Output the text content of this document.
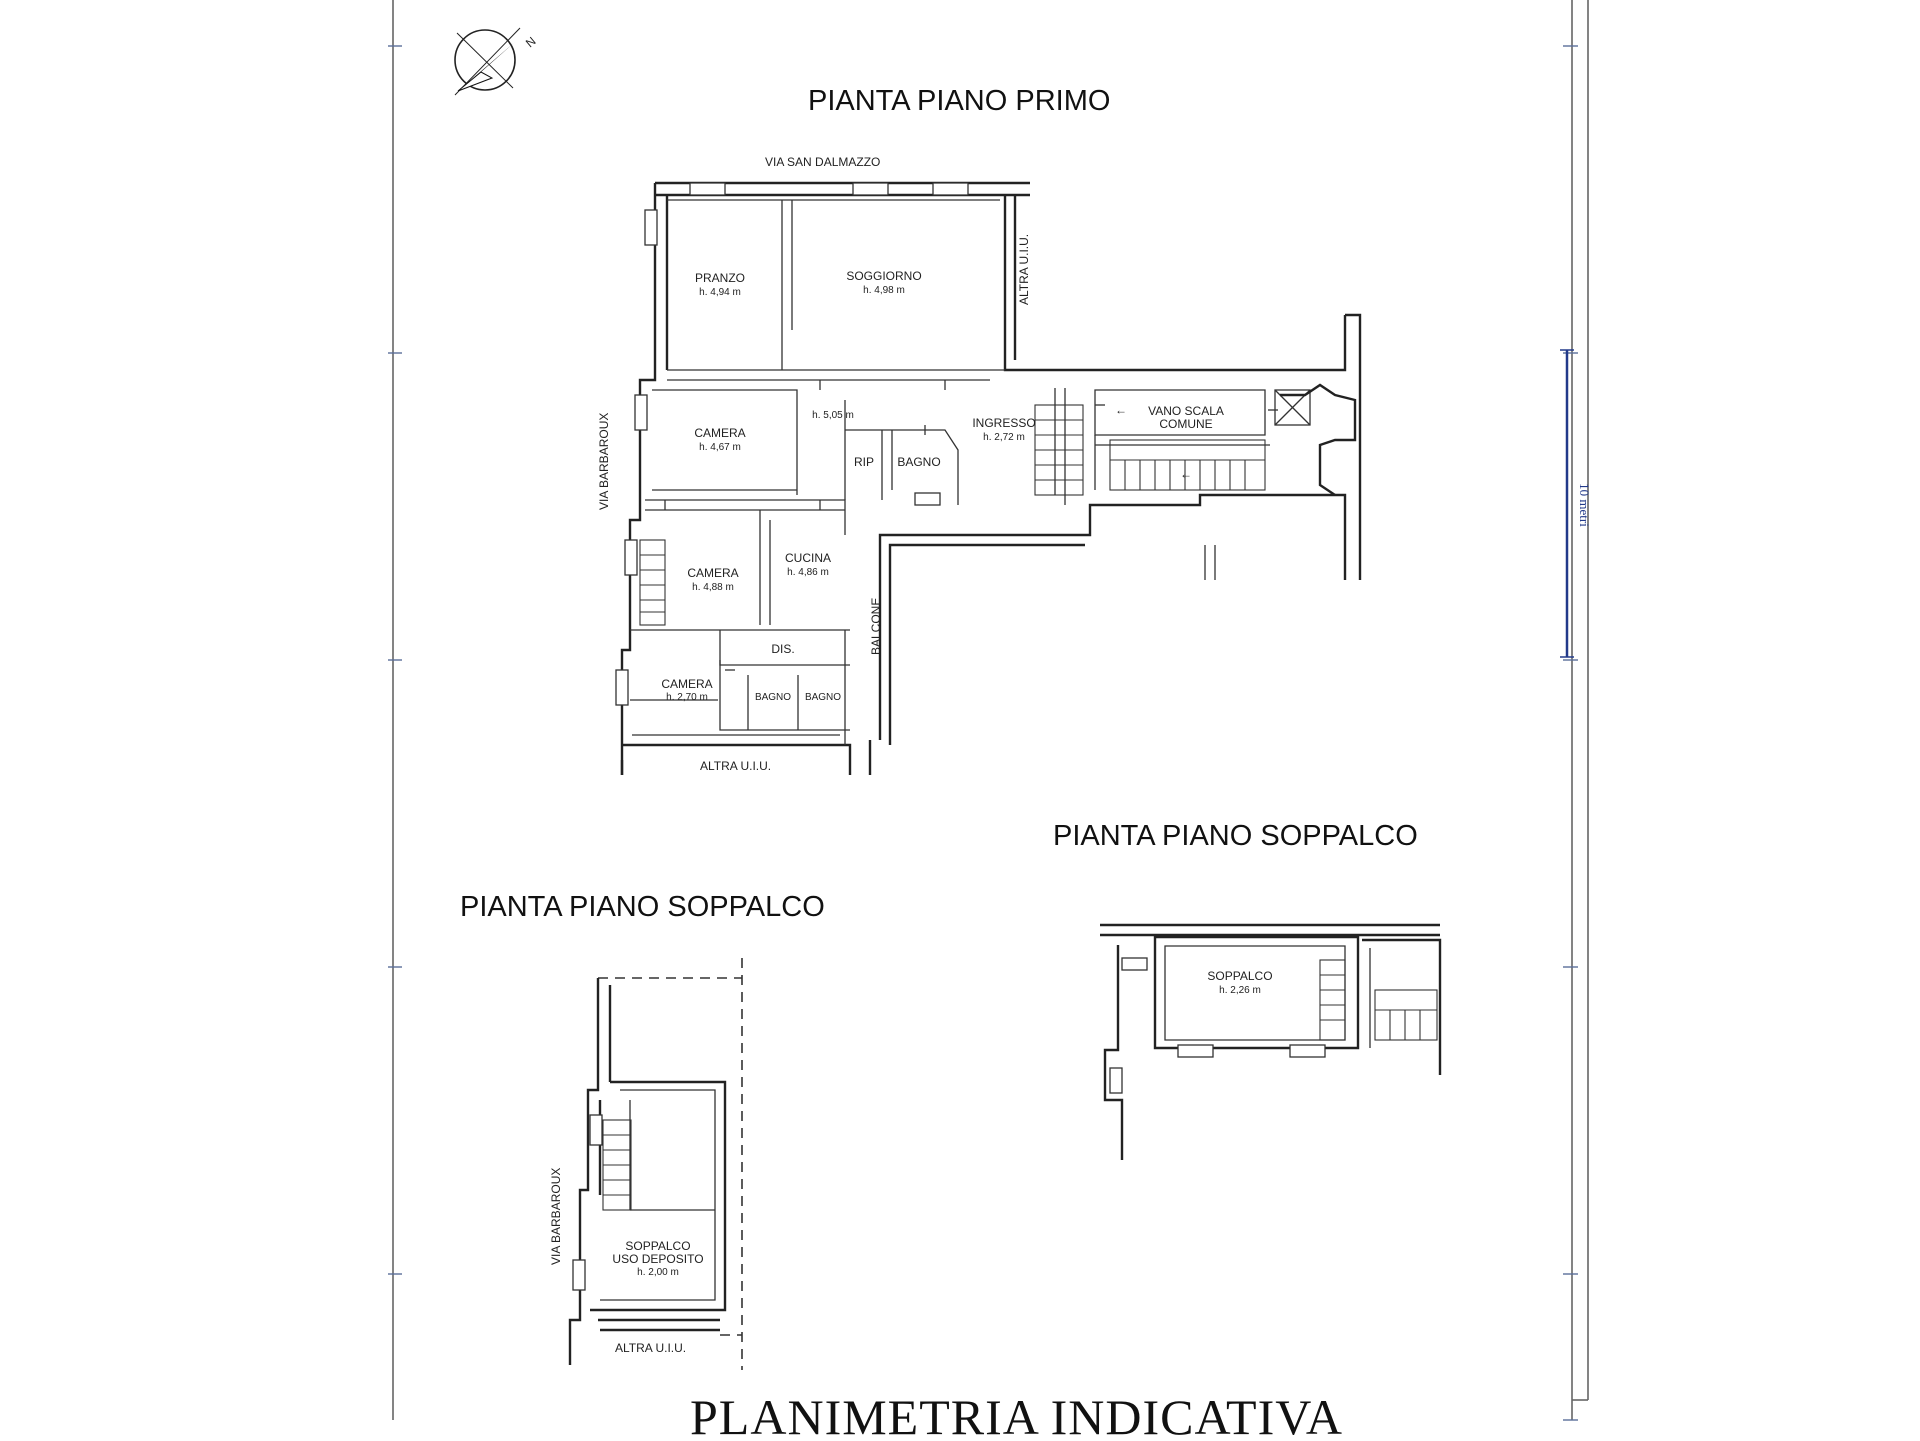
10 metri
N
PIANTA PIANO PRIMO
PIANTA PIANO SOPPALCO
PIANTA PIANO SOPPALCO
PLANIMETRIA INDICATIVA
←
←
VIA SAN DALMAZZO
VIA BARBAROUX
ALTRA U.I.U.
ALTRA U.I.U.
BALCONE
PRANZO
h. 4,94 m
SOGGIORNO
h. 4,98 m
CAMERA
h. 4,67 m
h. 5,05 m
RIP BAGNO
INGRESSO
h. 2,72 m
VANO SCALA
COMUNE
CAMERA
h. 4,88 m
CUCINA
h. 4,86 m
DIS.
CAMERA
h. 2,70 m	BAGNO BAGNO
SOPPALCO
h. 2,26 m
VIA BARBAROUX
ALTRA U.I.U.
SOPPALCO
USO DEPOSITO
h. 2,00 m
